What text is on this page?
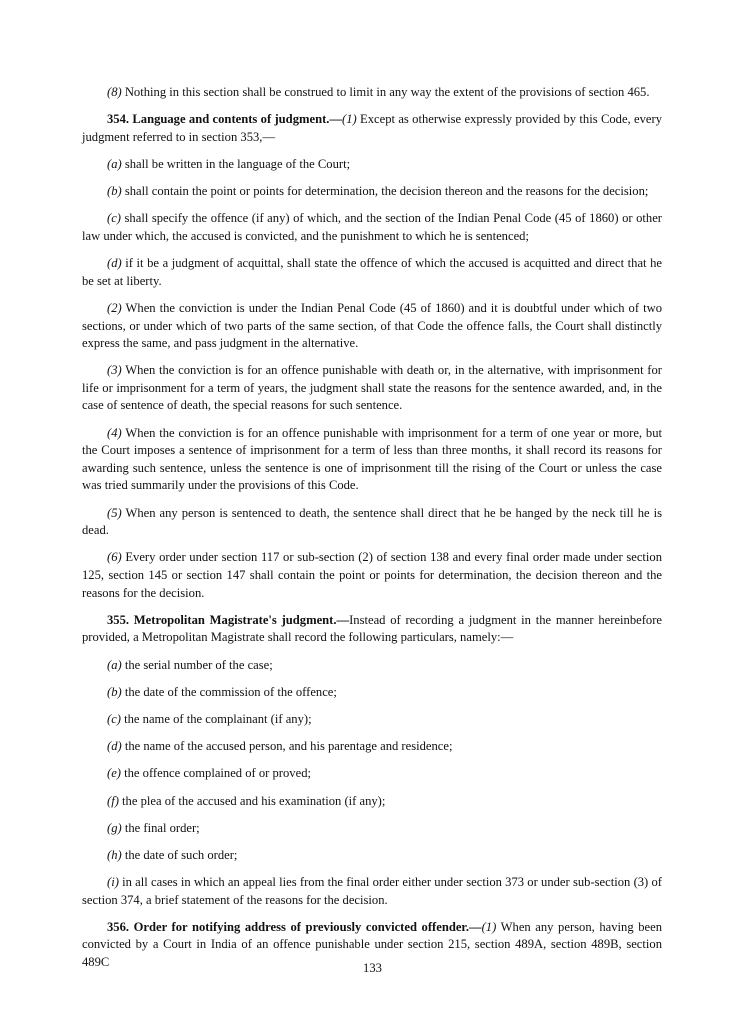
(8) Nothing in this section shall be construed to limit in any way the extent of the provisions of section 465.

354. Language and contents of judgment.—(1) Except as otherwise expressly provided by this Code, every judgment referred to in section 353,—

(a) shall be written in the language of the Court;

(b) shall contain the point or points for determination, the decision thereon and the reasons for the decision;

(c) shall specify the offence (if any) of which, and the section of the Indian Penal Code (45 of 1860) or other law under which, the accused is convicted, and the punishment to which he is sentenced;

(d) if it be a judgment of acquittal, shall state the offence of which the accused is acquitted and direct that he be set at liberty.

(2) When the conviction is under the Indian Penal Code (45 of 1860) and it is doubtful under which of two sections, or under which of two parts of the same section, of that Code the offence falls, the Court shall distinctly express the same, and pass judgment in the alternative.

(3) When the conviction is for an offence punishable with death or, in the alternative, with imprisonment for life or imprisonment for a term of years, the judgment shall state the reasons for the sentence awarded, and, in the case of sentence of death, the special reasons for such sentence.

(4) When the conviction is for an offence punishable with imprisonment for a term of one year or more, but the Court imposes a sentence of imprisonment for a term of less than three months, it shall record its reasons for awarding such sentence, unless the sentence is one of imprisonment till the rising of the Court or unless the case was tried summarily under the provisions of this Code.

(5) When any person is sentenced to death, the sentence shall direct that he be hanged by the neck till he is dead.

(6) Every order under section 117 or sub-section (2) of section 138 and every final order made under section 125, section 145 or section 147 shall contain the point or points for determination, the decision thereon and the reasons for the decision.

355. Metropolitan Magistrate's judgment.—Instead of recording a judgment in the manner hereinbefore provided, a Metropolitan Magistrate shall record the following particulars, namely:—

(a) the serial number of the case;

(b) the date of the commission of the offence;

(c) the name of the complainant (if any);

(d) the name of the accused person, and his parentage and residence;

(e) the offence complained of or proved;

(f) the plea of the accused and his examination (if any);

(g) the final order;

(h) the date of such order;

(i) in all cases in which an appeal lies from the final order either under section 373 or under sub-section (3) of section 374, a brief statement of the reasons for the decision.

356. Order for notifying address of previously convicted offender.—(1) When any person, having been convicted by a Court in India of an offence punishable under section 215, section 489A, section 489B, section 489C	133
